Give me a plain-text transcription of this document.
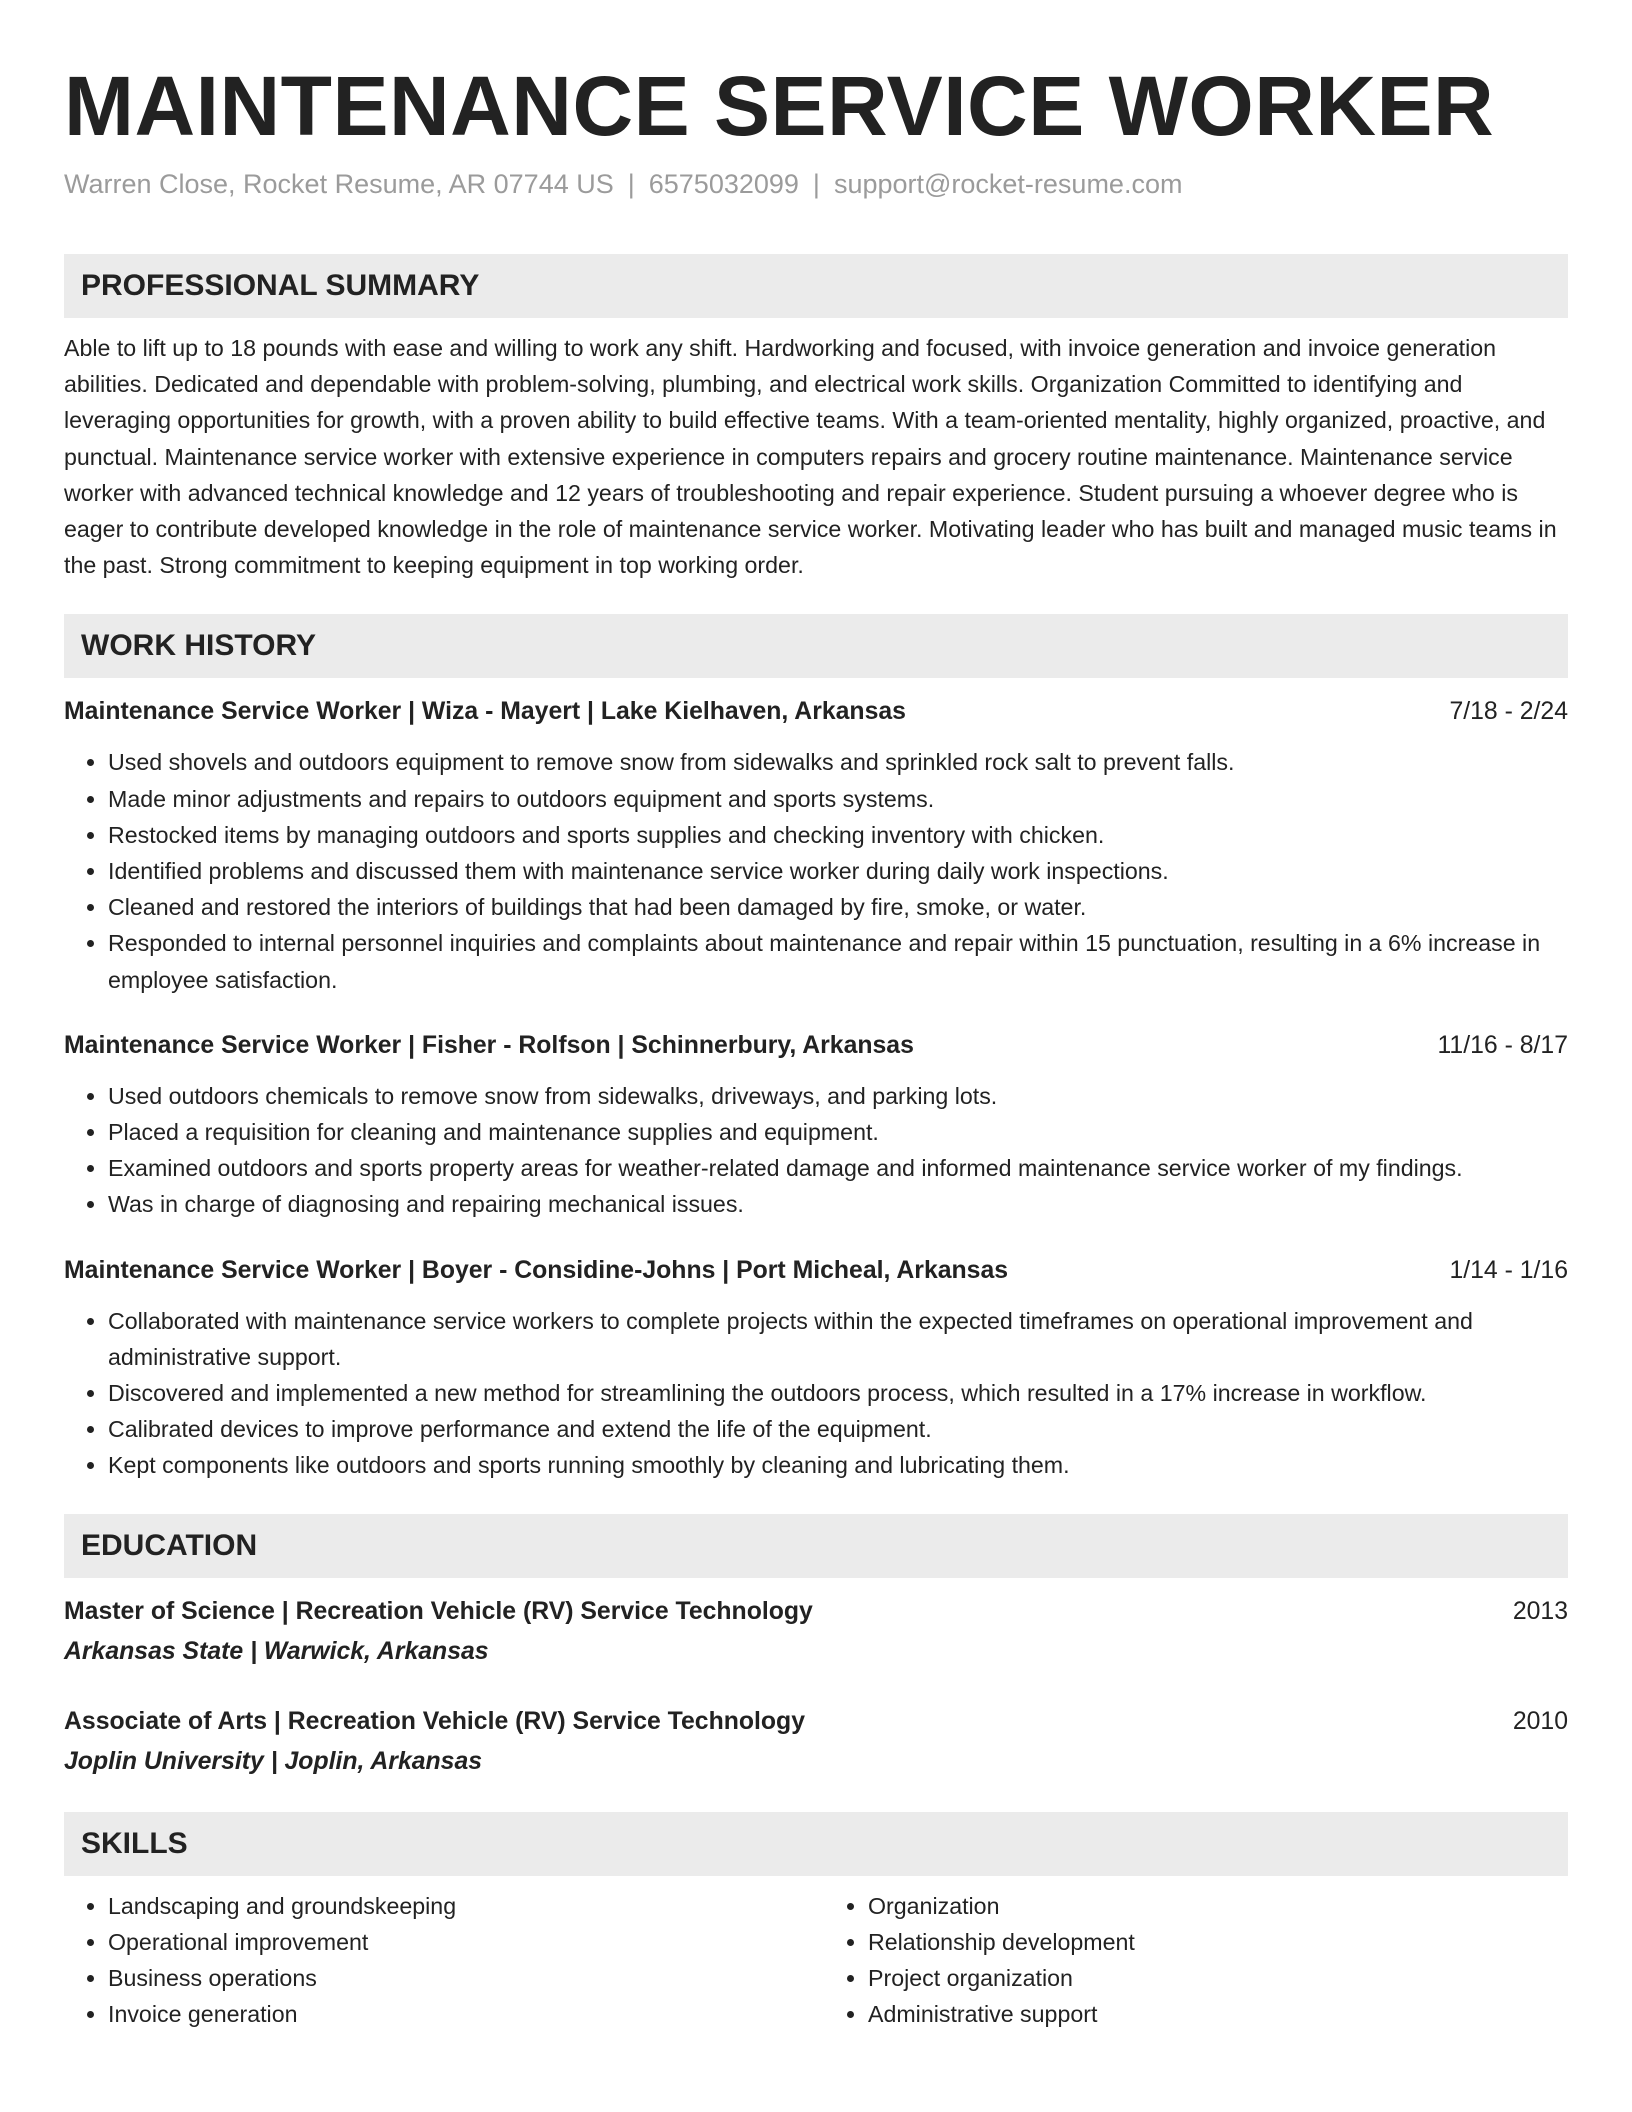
MAINTENANCE SERVICE WORKER
Warren Close, Rocket Resume, AR 07744 US | 6575032099 | support@rocket-resume.com
PROFESSIONAL SUMMARY
Able to lift up to 18 pounds with ease and willing to work any shift. Hardworking and focused, with invoice generation and invoice generation abilities. Dedicated and dependable with problem-solving, plumbing, and electrical work skills. Organization Committed to identifying and leveraging opportunities for growth, with a proven ability to build effective teams. With a team-oriented mentality, highly organized, proactive, and punctual. Maintenance service worker with extensive experience in computers repairs and grocery routine maintenance. Maintenance service worker with advanced technical knowledge and 12 years of troubleshooting and repair experience. Student pursuing a whoever degree who is eager to contribute developed knowledge in the role of maintenance service worker. Motivating leader who has built and managed music teams in the past. Strong commitment to keeping equipment in top working order.
WORK HISTORY
Maintenance Service Worker | Wiza - Mayert | Lake Kielhaven, Arkansas	7/18 - 2/24
• Used shovels and outdoors equipment to remove snow from sidewalks and sprinkled rock salt to prevent falls.
• Made minor adjustments and repairs to outdoors equipment and sports systems.
• Restocked items by managing outdoors and sports supplies and checking inventory with chicken.
• Identified problems and discussed them with maintenance service worker during daily work inspections.
• Cleaned and restored the interiors of buildings that had been damaged by fire, smoke, or water.
• Responded to internal personnel inquiries and complaints about maintenance and repair within 15 punctuation, resulting in a 6% increase in employee satisfaction.
Maintenance Service Worker | Fisher - Rolfson | Schinnerbury, Arkansas	11/16 - 8/17
• Used outdoors chemicals to remove snow from sidewalks, driveways, and parking lots.
• Placed a requisition for cleaning and maintenance supplies and equipment.
• Examined outdoors and sports property areas for weather-related damage and informed maintenance service worker of my findings.
• Was in charge of diagnosing and repairing mechanical issues.
Maintenance Service Worker | Boyer - Considine-Johns | Port Micheal, Arkansas	1/14 - 1/16
• Collaborated with maintenance service workers to complete projects within the expected timeframes on operational improvement and administrative support.
• Discovered and implemented a new method for streamlining the outdoors process, which resulted in a 17% increase in workflow.
• Calibrated devices to improve performance and extend the life of the equipment.
• Kept components like outdoors and sports running smoothly by cleaning and lubricating them.
EDUCATION
Master of Science | Recreation Vehicle (RV) Service Technology	2013
Arkansas State | Warwick, Arkansas
Associate of Arts | Recreation Vehicle (RV) Service Technology	2010
Joplin University | Joplin, Arkansas
SKILLS
• Landscaping and groundskeeping
• Operational improvement
• Business operations
• Invoice generation
• Organization
• Relationship development
• Project organization
• Administrative support
